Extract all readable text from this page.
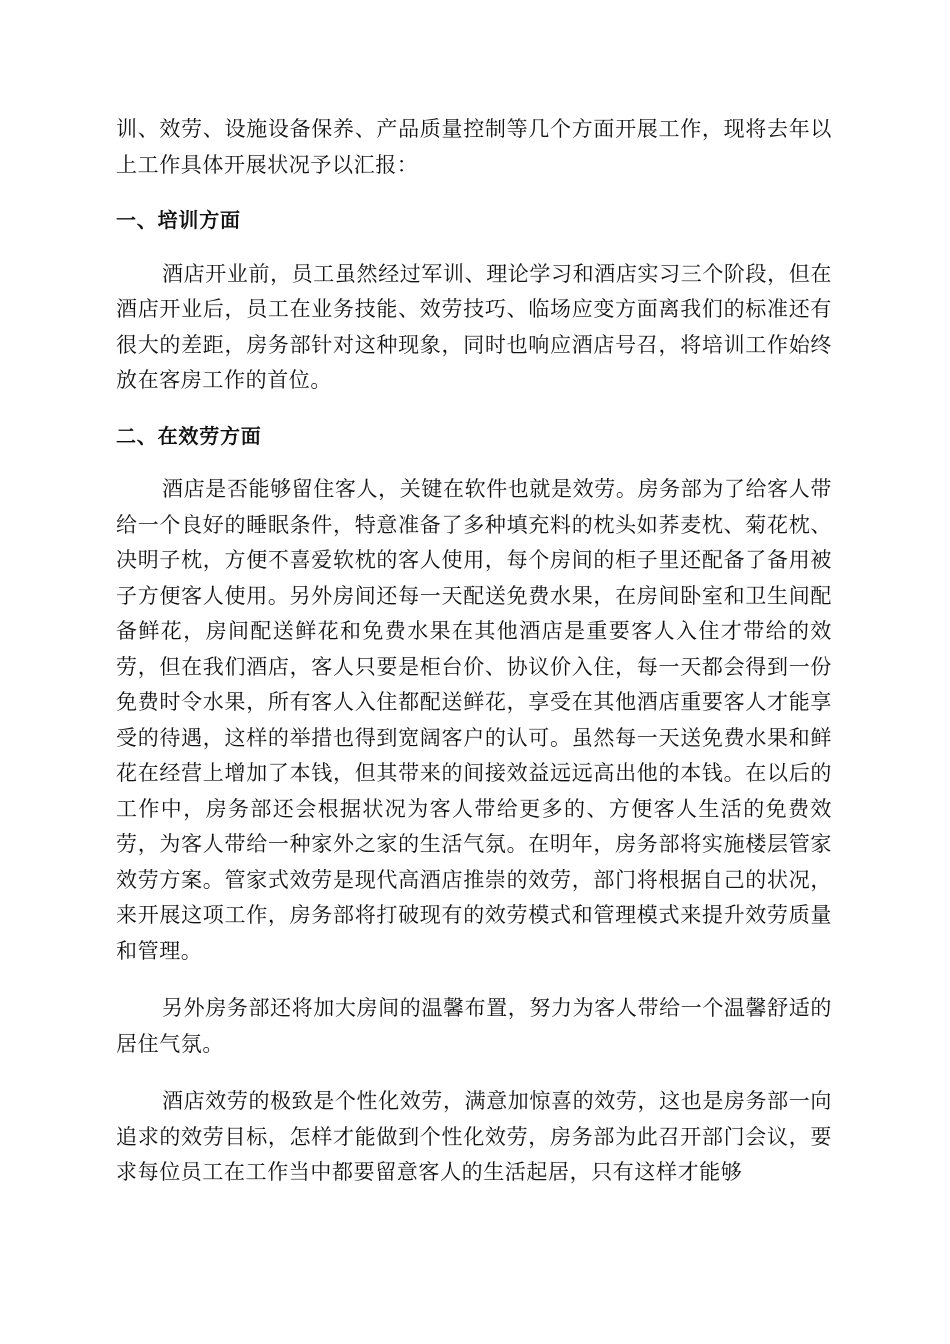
训、效劳、设施设备保养、产品质量控制等几个方面开展工作，现将去年以上工作具体开展状况予以汇报：

一、培训方面

酒店开业前，员工虽然经过军训、理论学习和酒店实习三个阶段，但在酒店开业后，员工在业务技能、效劳技巧、临场应变方面离我们的标准还有很大的差距，房务部针对这种现象，同时也响应酒店号召，将培训工作始终放在客房工作的首位。

二、在效劳方面

酒店是否能够留住客人，关键在软件也就是效劳。房务部为了给客人带给一个良好的睡眠条件，特意准备了多种填充料的枕头如荞麦枕、菊花枕、决明子枕，方便不喜爱软枕的客人使用，每个房间的柜子里还配备了备用被子方便客人使用。另外房间还每一天配送免费水果，在房间卧室和卫生间配备鲜花，房间配送鲜花和免费水果在其他酒店是重要客人入住才带给的效劳，但在我们酒店，客人只要是柜台价、协议价入住，每一天都会得到一份免费时令水果，所有客人入住都配送鲜花，享受在其他酒店重要客人才能享受的待遇，这样的举措也得到宽阔客户的认可。虽然每一天送免费水果和鲜花在经营上增加了本钱，但其带来的间接效益远远高出他的本钱。在以后的工作中，房务部还会根据状况为客人带给更多的、方便客人生活的免费效劳，为客人带给一种家外之家的生活气氛。在明年，房务部将实施楼层管家效劳方案。管家式效劳是现代高酒店推崇的效劳，部门将根据自己的状况，来开展这项工作，房务部将打破现有的效劳模式和管理模式来提升效劳质量和管理。

另外房务部还将加大房间的温馨布置，努力为客人带给一个温馨舒适的居住气氛。

酒店效劳的极致是个性化效劳，满意加惊喜的效劳，这也是房务部一向追求的效劳目标，怎样才能做到个性化效劳，房务部为此召开部门会议，要求每位员工在工作当中都要留意客人的生活起居，只有这样才能够
